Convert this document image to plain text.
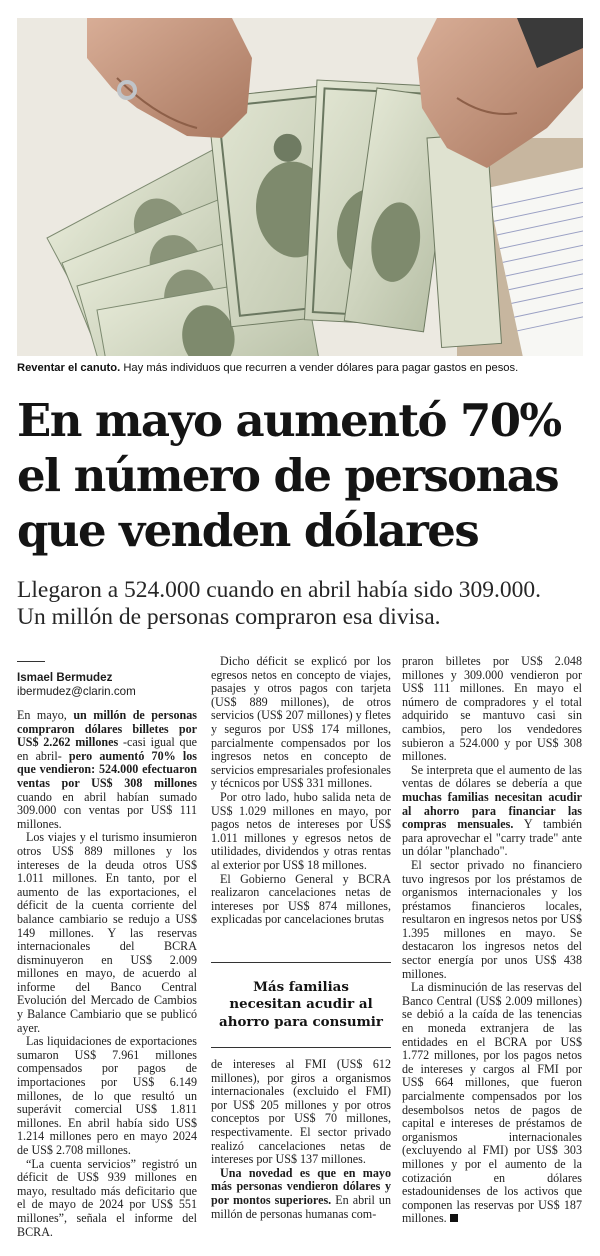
Reventar el canuto. Hay más individuos que recurren a vender dólares para pagar gastos en pesos.
En mayo aumentó 70%
el número de personas
que venden dólares
Llegaron a 524.000 cuando en abril había sido 309.000.
Un millón de personas compraron esa divisa.
Ismael Bermudez
ibermudez@clarin.com

En mayo, un millón de personas compraron dólares billetes por US$ 2.262 millones -casi igual que en abril- pero aumentó 70% los que vendieron: 524.000 efectuaron ventas por US$ 308 millones cuando en abril habían sumado 309.000 con ventas por US$ 111 millones.

Los viajes y el turismo insumieron otros US$ 889 millones y los intereses de la deuda otros US$ 1.011 millones. En tanto, por el aumento de las exportaciones, el déficit de la cuenta corriente del balance cambiario se redujo a US$ 149 millones. Y las reservas internacionales del BCRA disminuyeron en US$ 2.009 millones en mayo, de acuerdo al informe del Banco Central Evolución del Mercado de Cambios y Balance Cambiario que se publicó ayer.

Las liquidaciones de exportaciones sumaron US$ 7.961 millones compensados por pagos de importaciones por US$ 6.149 millones, de lo que resultó un superávit comercial US$ 1.811 millones. En abril había sido US$ 1.214 millones pero en mayo 2024 de US$ 2.708 millones.

“La cuenta servicios” registró un déficit de US$ 939 millones en mayo, resultado más deficitario que el de mayo de 2024 por US$ 551 millones”, señala el informe del BCRA.

Dicho déficit se explicó por los egresos netos en concepto de viajes, pasajes y otros pagos con tarjeta (US$ 889 millones), de otros servicios (US$ 207 millones) y fletes y seguros por US$ 174 millones, parcialmente compensados por los ingresos netos en concepto de servicios empresariales profesionales y técnicos por US$ 331 millones.

Por otro lado, hubo salida neta de US$ 1.029 millones en mayo, por pagos netos de intereses por US$ 1.011 millones y egresos netos de utilidades, dividendos y otras rentas al exterior por US$ 18 millones.

El Gobierno General y BCRA realizaron cancelaciones netas de intereses por US$ 874 millones, explicadas por cancelaciones brutas

Más familias necesitan acudir al ahorro para consumir

de intereses al FMI (US$ 612 millones), por giros a organismos internacionales (excluido el FMI) por US$ 205 millones y por otros conceptos por US$ 70 millones, respectivamente. El sector privado realizó cancelaciones netas de intereses por US$ 137 millones.

Una novedad es que en mayo más personas vendieron dólares y por montos superiores. En abril un millón de personas humanas com-

praron billetes por US$ 2.048 millones y 309.000 vendieron por US$ 111 millones. En mayo el número de compradores y el total adquirido se mantuvo casi sin cambios, pero los vendedores subieron a 524.000 y por US$ 308 millones.

Se interpreta que el aumento de las ventas de dólares se debería a que muchas familias necesitan acudir al ahorro para financiar las compras mensuales. Y también para aprovechar el "carry trade" ante un dólar "planchado".

El sector privado no financiero tuvo ingresos por los préstamos de organismos internacionales y los préstamos financieros locales, resultaron en ingresos netos por US$ 1.395 millones en mayo. Se destacaron los ingresos netos del sector energía por unos US$ 438 millones.

La disminución de las reservas del Banco Central (US$ 2.009 millones) se debió a la caída de las tenencias en moneda extranjera de las entidades en el BCRA por US$ 1.772 millones, por los pagos netos de intereses y cargos al FMI por US$ 664 millones, que fueron parcialmente compensados por los desembolsos netos de pagos de capital e intereses de préstamos de organismos internacionales (excluyendo al FMI) por US$ 303 millones y por el aumento de la cotización en dólares estadounidenses de los activos que componen las reservas por US$ 187 millones.
